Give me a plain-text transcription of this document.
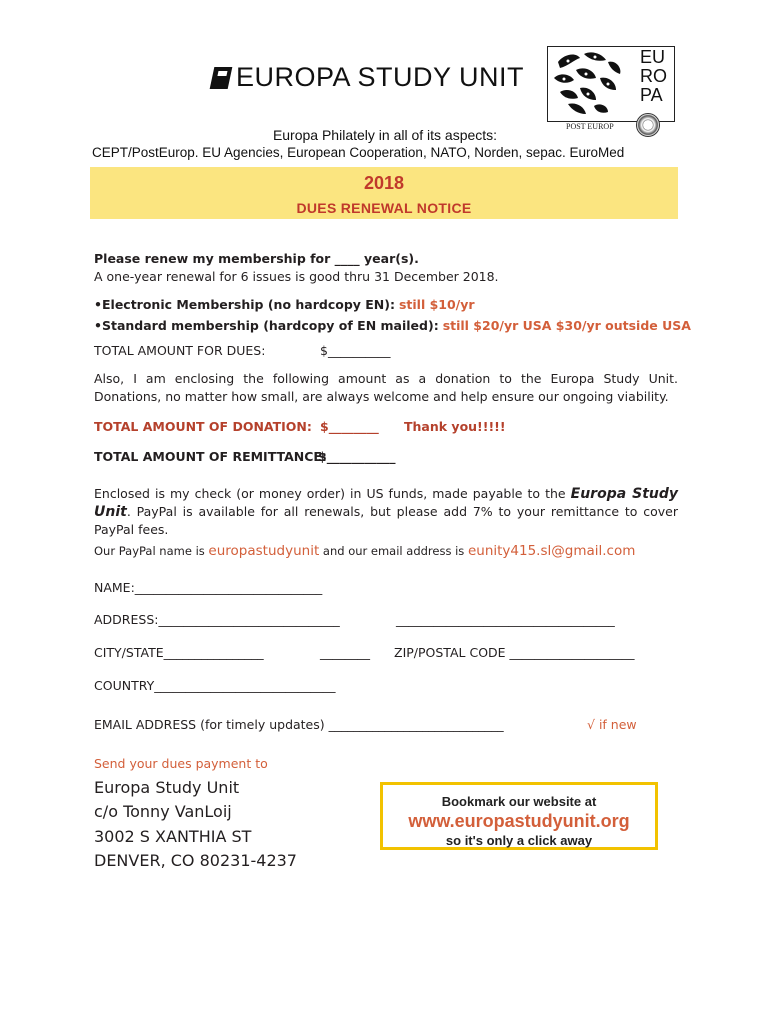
EUROPA STUDY UNIT
EU
RO
PA
POST EUROP
Europa Philately in all of its aspects:
CEPT/PostEurop. EU Agencies, European Cooperation, NATO, Norden, sepac. EuroMed
2018
DUES RENEWAL NOTICE
Please renew my membership for ____ year(s).
A one-year renewal for 6 issues is good thru 31 December 2018.
•Electronic Membership (no hardcopy EN): still $10/yr
•Standard membership (hardcopy of EN mailed): still $20/yr USA $30/yr outside USA
TOTAL AMOUNT FOR DUES:	$__________
Also, I am enclosing the following amount as a donation to the Europa Study Unit. Donations, no matter how small, are always welcome and help ensure our ongoing viability.
TOTAL AMOUNT OF DONATION: $________ Thank you!!!!!
TOTAL AMOUNT OF REMITTANCE:
$___________
Enclosed is my check (or money order) in US funds, made payable to the Europa Study Unit. PayPal is available for all renewals, but please add 7% to your remittance to cover PayPal fees.
Our PayPal name is europastudyunit and our email address is eunity415.sl@gmail.com
NAME:______________________________
ADDRESS:_____________________________	___________________________________
CITY/STATE________________	________ ZIP/POSTAL CODE ____________________
COUNTRY_____________________________
EMAIL ADDRESS (for timely updates) ____________________________	√ if new
Send your dues payment to
Europa Study Unit
c/o Tonny VanLoij
3002 S XANTHIA ST
DENVER, CO 80231-4237
Bookmark our website at
www.europastudyunit.org
so it's only a click away
